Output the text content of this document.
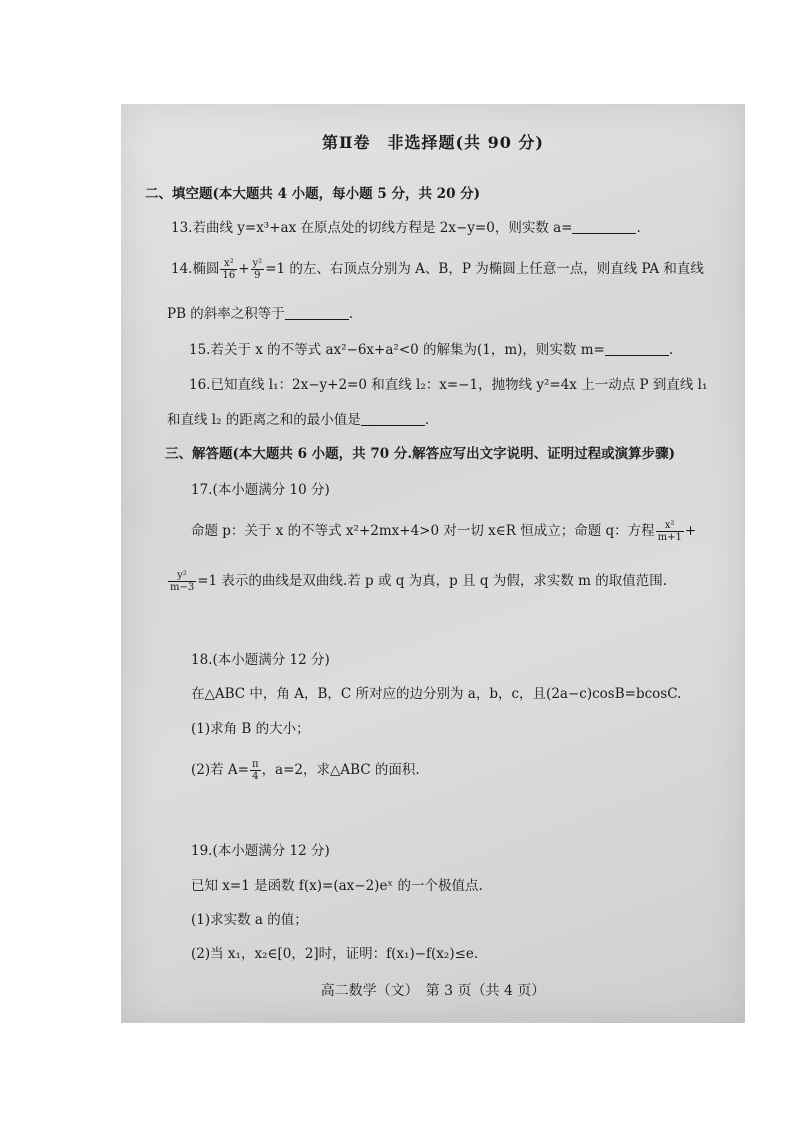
第Ⅱ卷　非选择题(共 90 分)
二、填空题(本大题共 4 小题，每小题 5 分，共 20 分)
13.若曲线 y=x³+ax 在原点处的切线方程是 2x−y=0，则实数 a=	.
14.椭圆 $\frac{\text{x²}}{16} + \frac{\text{y²}}{9} =1$ 的左、右顶点分别为 A、B，P 为椭圆上任意一点，则直线 PA 和直线
PB 的斜率之积等于	.
15.若关于 x 的不等式 ax²−6x+a²<0 的解集为(1，m)，则实数 m=	.
16.已知直线 l₁：2x−y+2=0 和直线 l₂：x=−1，抛物线 y²=4x 上一动点 P 到直线 l₁
和直线 l₂ 的距离之和的最小值是	.
三、解答题(本大题共 6 小题，共 70 分.解答应写出文字说明、证明过程或演算步骤)
17.(本小题满分 10 分)
命题 p：关于 x 的不等式 x²+2mx+4>0 对一切 x∈R 恒成立；命题 q：方程 $\frac{\text{x²}}{m+1}$ +
$\frac{\text{y²}}{m-3} =1$ 表示的曲线是双曲线.若 p 或 q 为真，p 且 q 为假，求实数 m 的取值范围.
18.(本小题满分 12 分)
在△ABC 中，角 A，B，C 所对应的边分别为 a，b，c，且(2a−c)cosB=bcosC.
(1)求角 B 的大小；
(2)若 $A= \frac{\pi}{4}$ ，a=2，求△ABC 的面积.
19.(本小题满分 12 分)
已知 x=1 是函数 f(x)=(ax−2)eˣ 的一个极值点.
(1)求实数 a 的值；
(2)当 x₁，x₂∈[0，2]时，证明：f(x₁)−f(x₂)≤e.
高二数学（文）　第 3 页（共 4 页）
